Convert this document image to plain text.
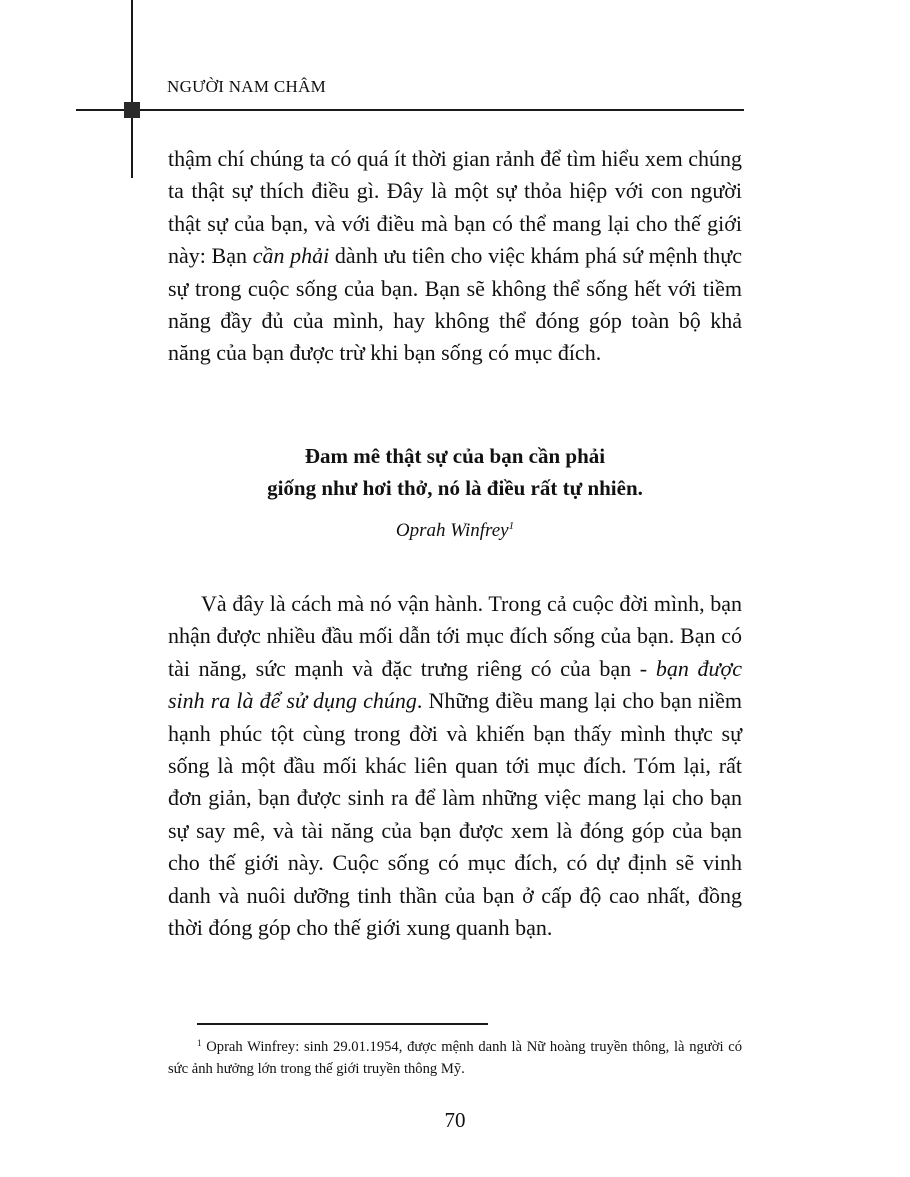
NGƯỜI NAM CHÂM

thậm chí chúng ta có quá ít thời gian rảnh để tìm hiểu xem chúng ta thật sự thích điều gì. Đây là một sự thỏa hiệp với con người thật sự của bạn, và với điều mà bạn có thể mang lại cho thế giới này: Bạn cần phải dành ưu tiên cho việc khám phá sứ mệnh thực sự trong cuộc sống của bạn. Bạn sẽ không thể sống hết với tiềm năng đầy đủ của mình, hay không thể đóng góp toàn bộ khả năng của bạn được trừ khi bạn sống có mục đích.

Đam mê thật sự của bạn cần phải
giống như hơi thở, nó là điều rất tự nhiên.
Oprah Winfrey$^1$

Và đây là cách mà nó vận hành. Trong cả cuộc đời mình, bạn nhận được nhiều đầu mối dẫn tới mục đích sống của bạn. Bạn có tài năng, sức mạnh và đặc trưng riêng có của bạn - bạn được sinh ra là để sử dụng chúng. Những điều mang lại cho bạn niềm hạnh phúc tột cùng trong đời và khiến bạn thấy mình thực sự sống là một đầu mối khác liên quan tới mục đích. Tóm lại, rất đơn giản, bạn được sinh ra để làm những việc mang lại cho bạn sự say mê, và tài năng của bạn được xem là đóng góp của bạn cho thế giới này. Cuộc sống có mục đích, có dự định sẽ vinh danh và nuôi dưỡng tinh thần của bạn ở cấp độ cao nhất, đồng thời đóng góp cho thế giới xung quanh bạn.

$^1$ Oprah Winfrey: sinh 29.01.1954, được mệnh danh là Nữ hoàng truyền thông, là người có sức ảnh hưởng lớn trong thế giới truyền thông Mỹ.
70
